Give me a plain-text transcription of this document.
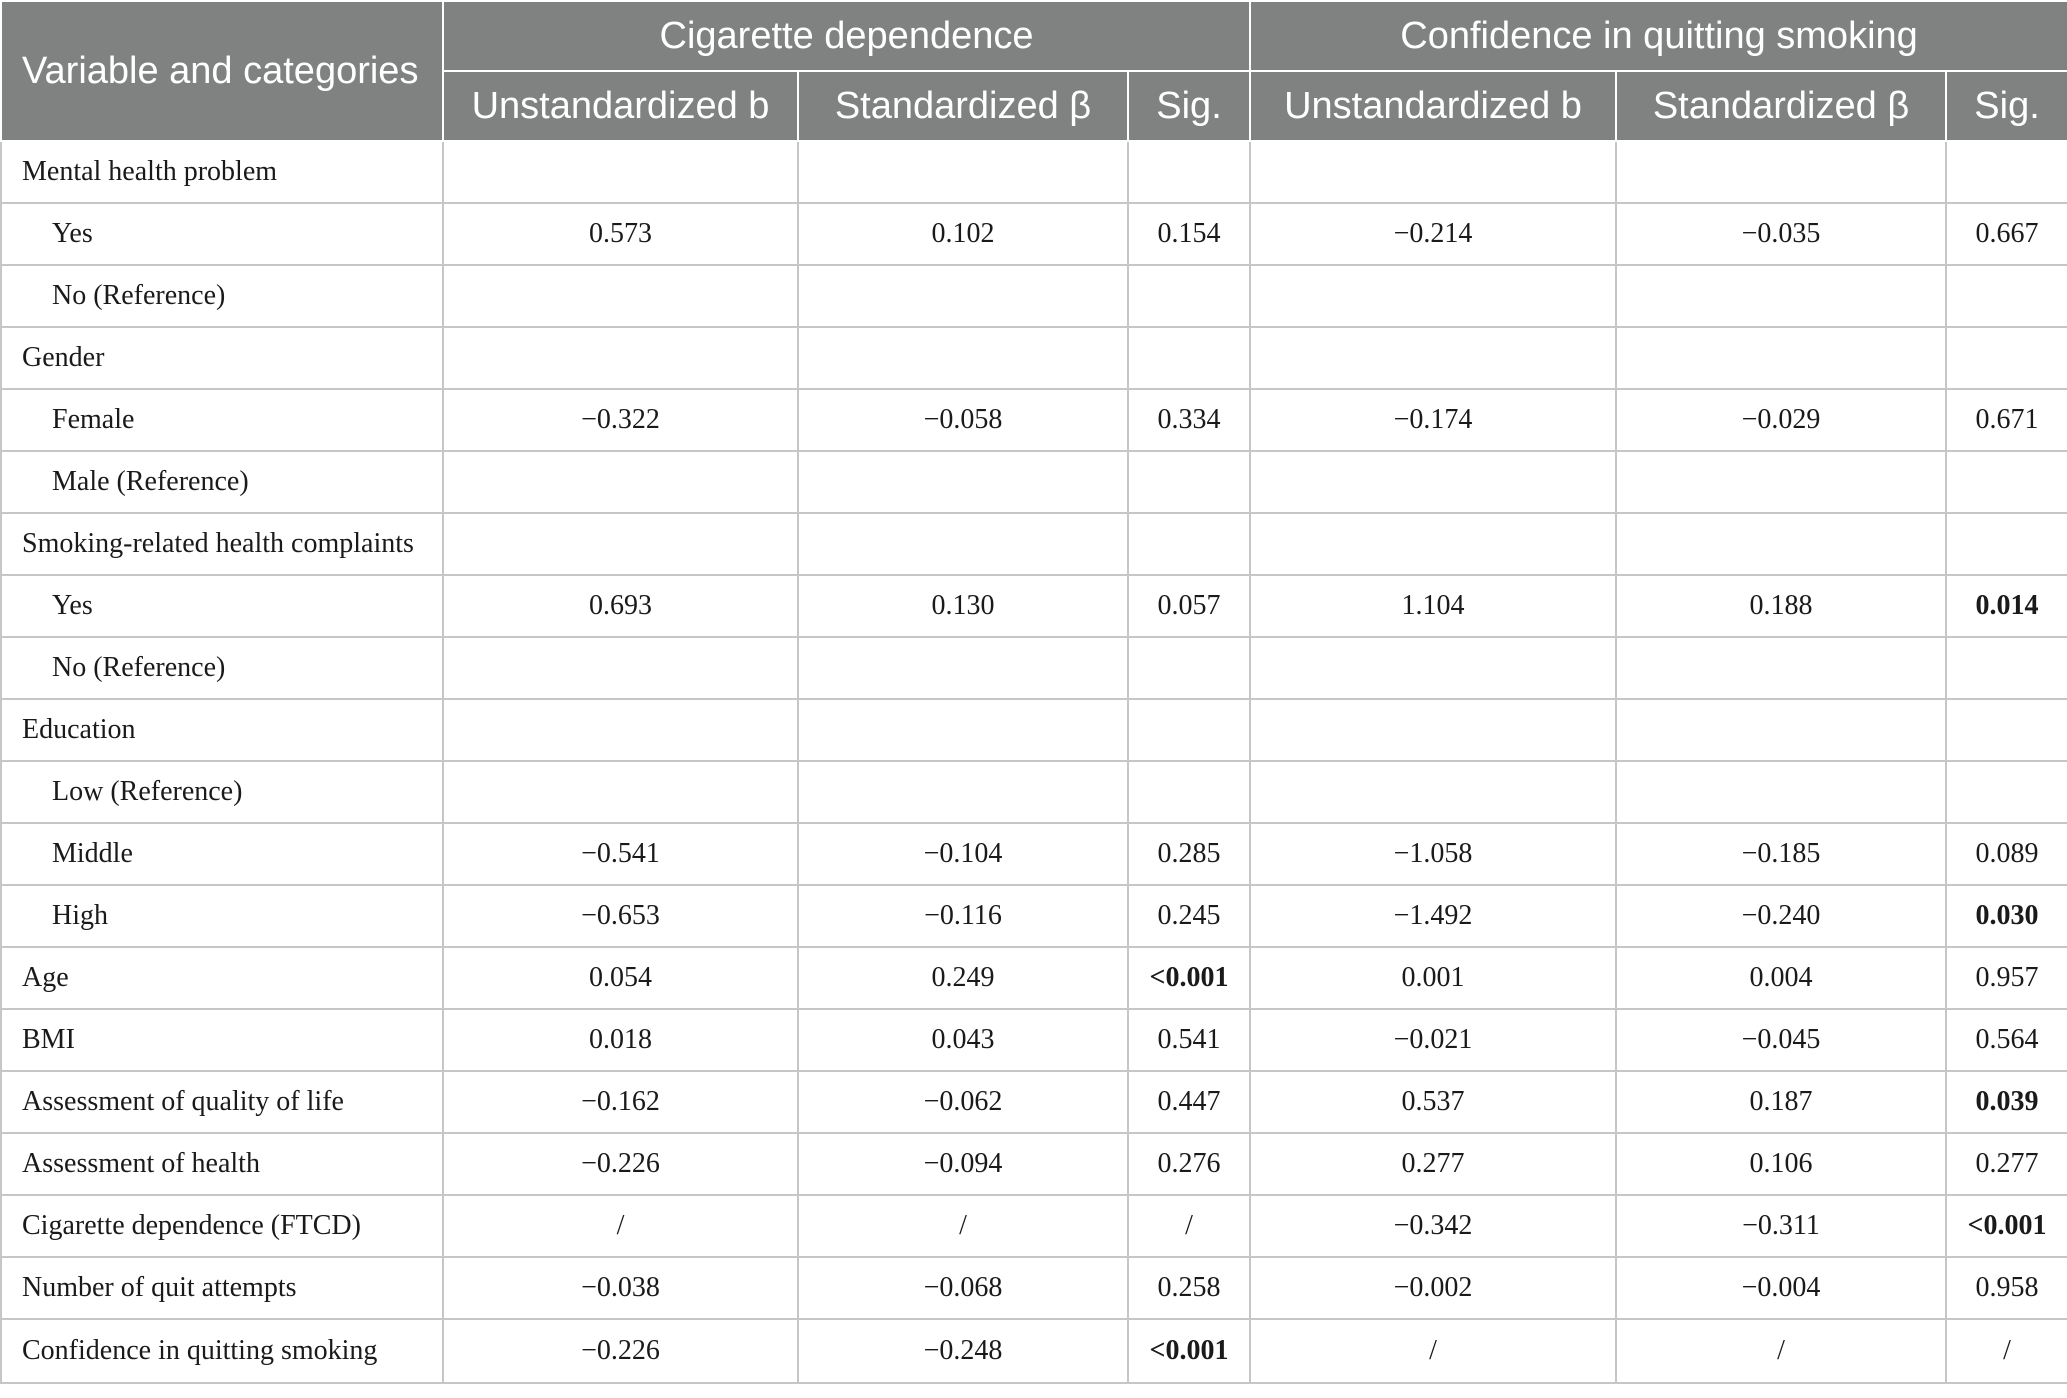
Variable and categories	Cigarette dependence			Confidence in quitting smoking		
	Unstandardized b	Standardized β	Sig.	Unstandardized b	Standardized β	Sig.
Mental health problem						
Yes	0.573	0.102	0.154	−0.214	−0.035	0.667
No (Reference)						
Gender						
Female	−0.322	−0.058	0.334	−0.174	−0.029	0.671
Male (Reference)						
Smoking-related health complaints						
Yes	0.693	0.130	0.057	1.104	0.188	0.014
No (Reference)						
Education						
Low (Reference)						
Middle	−0.541	−0.104	0.285	−1.058	−0.185	0.089
High	−0.653	−0.116	0.245	−1.492	−0.240	0.030
Age	0.054	0.249	<0.001	0.001	0.004	0.957
BMI	0.018	0.043	0.541	−0.021	−0.045	0.564
Assessment of quality of life	−0.162	−0.062	0.447	0.537	0.187	0.039
Assessment of health	−0.226	−0.094	0.276	0.277	0.106	0.277
Cigarette dependence (FTCD)	/	/	/	−0.342	−0.311	<0.001
Number of quit attempts	−0.038	−0.068	0.258	−0.002	−0.004	0.958
Confidence in quitting smoking	−0.226	−0.248	<0.001	/	/	/
